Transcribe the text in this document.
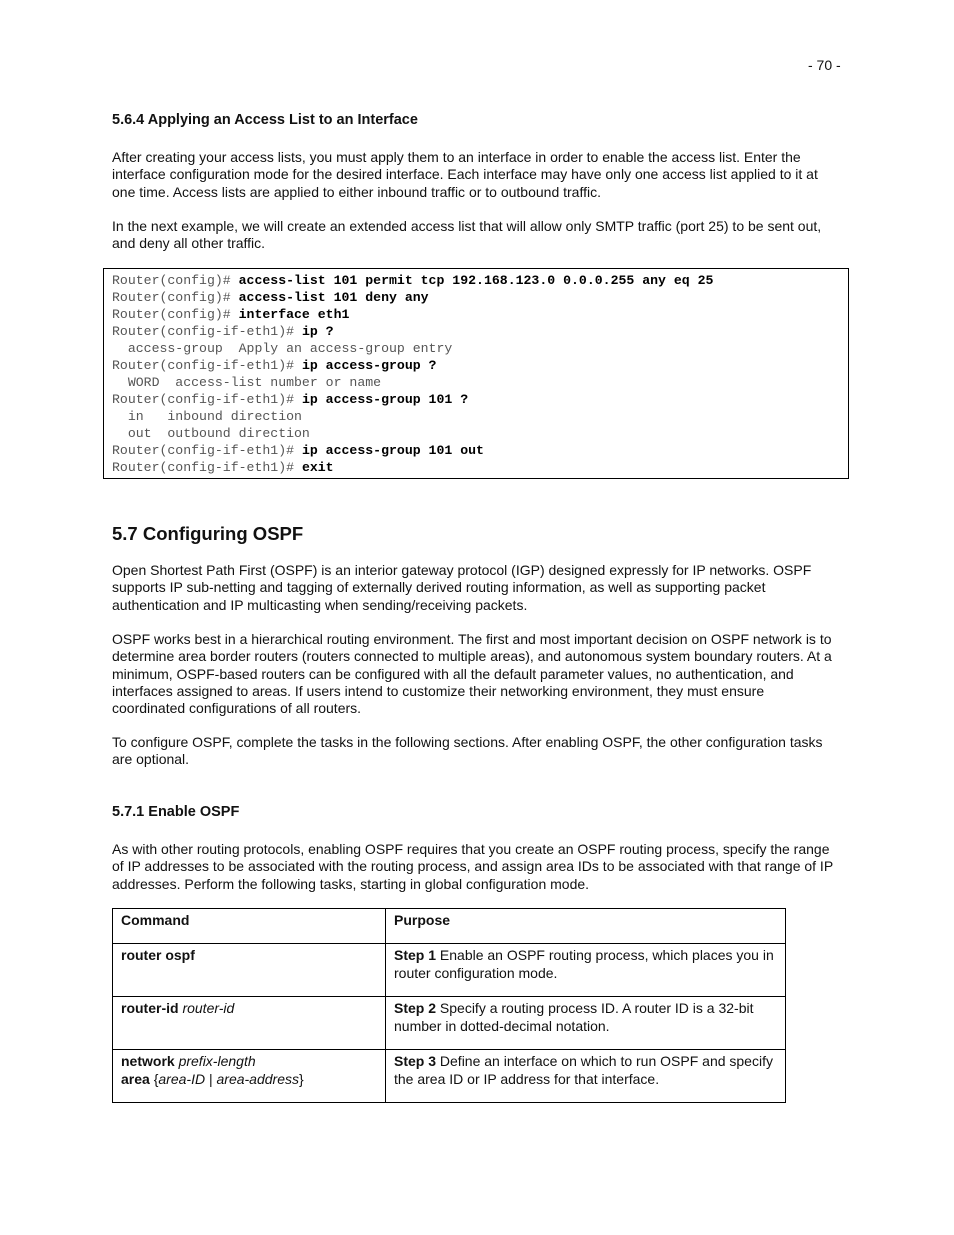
- 70 -
5.6.4 Applying an Access List to an Interface

After creating your access lists, you must apply them to an interface in order to enable the access list. Enter the interface configuration mode for the desired interface. Each interface may have only one access list applied to it at one time. Access lists are applied to either inbound traffic or to outbound traffic.

In the next example, we will create an extended access list that will allow only SMTP traffic (port 25) to be sent out, and deny all other traffic.

Router(config)# access-list 101 permit tcp 192.168.123.0 0.0.0.255 any eq 25
Router(config)# access-list 101 deny any
Router(config)# interface eth1
Router(config-if-eth1)# ip ?
access-group  Apply an access-group entry
Router(config-if-eth1)# ip access-group ?
WORD  access-list number or name
Router(config-if-eth1)# ip access-group 101 ?
in   inbound direction
out  outbound direction
Router(config-if-eth1)# ip access-group 101 out
Router(config-if-eth1)# exit
5.7 Configuring OSPF

Open Shortest Path First (OSPF) is an interior gateway protocol (IGP) designed expressly for IP networks. OSPF supports IP sub-netting and tagging of externally derived routing information, as well as supporting packet authentication and IP multicasting when sending/receiving packets.

OSPF works best in a hierarchical routing environment. The first and most important decision on OSPF network is to determine area border routers (routers connected to multiple areas), and autonomous system boundary routers. At a minimum, OSPF-based routers can be configured with all the default parameter values, no authentication, and interfaces assigned to areas. If users intend to customize their networking environment, they must ensure coordinated configurations of all routers.

To configure OSPF, complete the tasks in the following sections. After enabling OSPF, the other configuration tasks are optional.

5.7.1 Enable OSPF

As with other routing protocols, enabling OSPF requires that you create an OSPF routing process, specify the range of IP addresses to be associated with the routing process, and assign area IDs to be associated with that range of IP addresses. Perform the following tasks, starting in global configuration mode.

Command	Purpose
router ospf	Step 1 Enable an OSPF routing process, which places you in router configuration mode.
router-id router-id	Step 2 Specify a routing process ID. A router ID is a 32-bit number in dotted-decimal notation.
network prefix-length
area {area-ID | area-address}	Step 3 Define an interface on which to run OSPF and specify the area ID or IP address for that interface.
